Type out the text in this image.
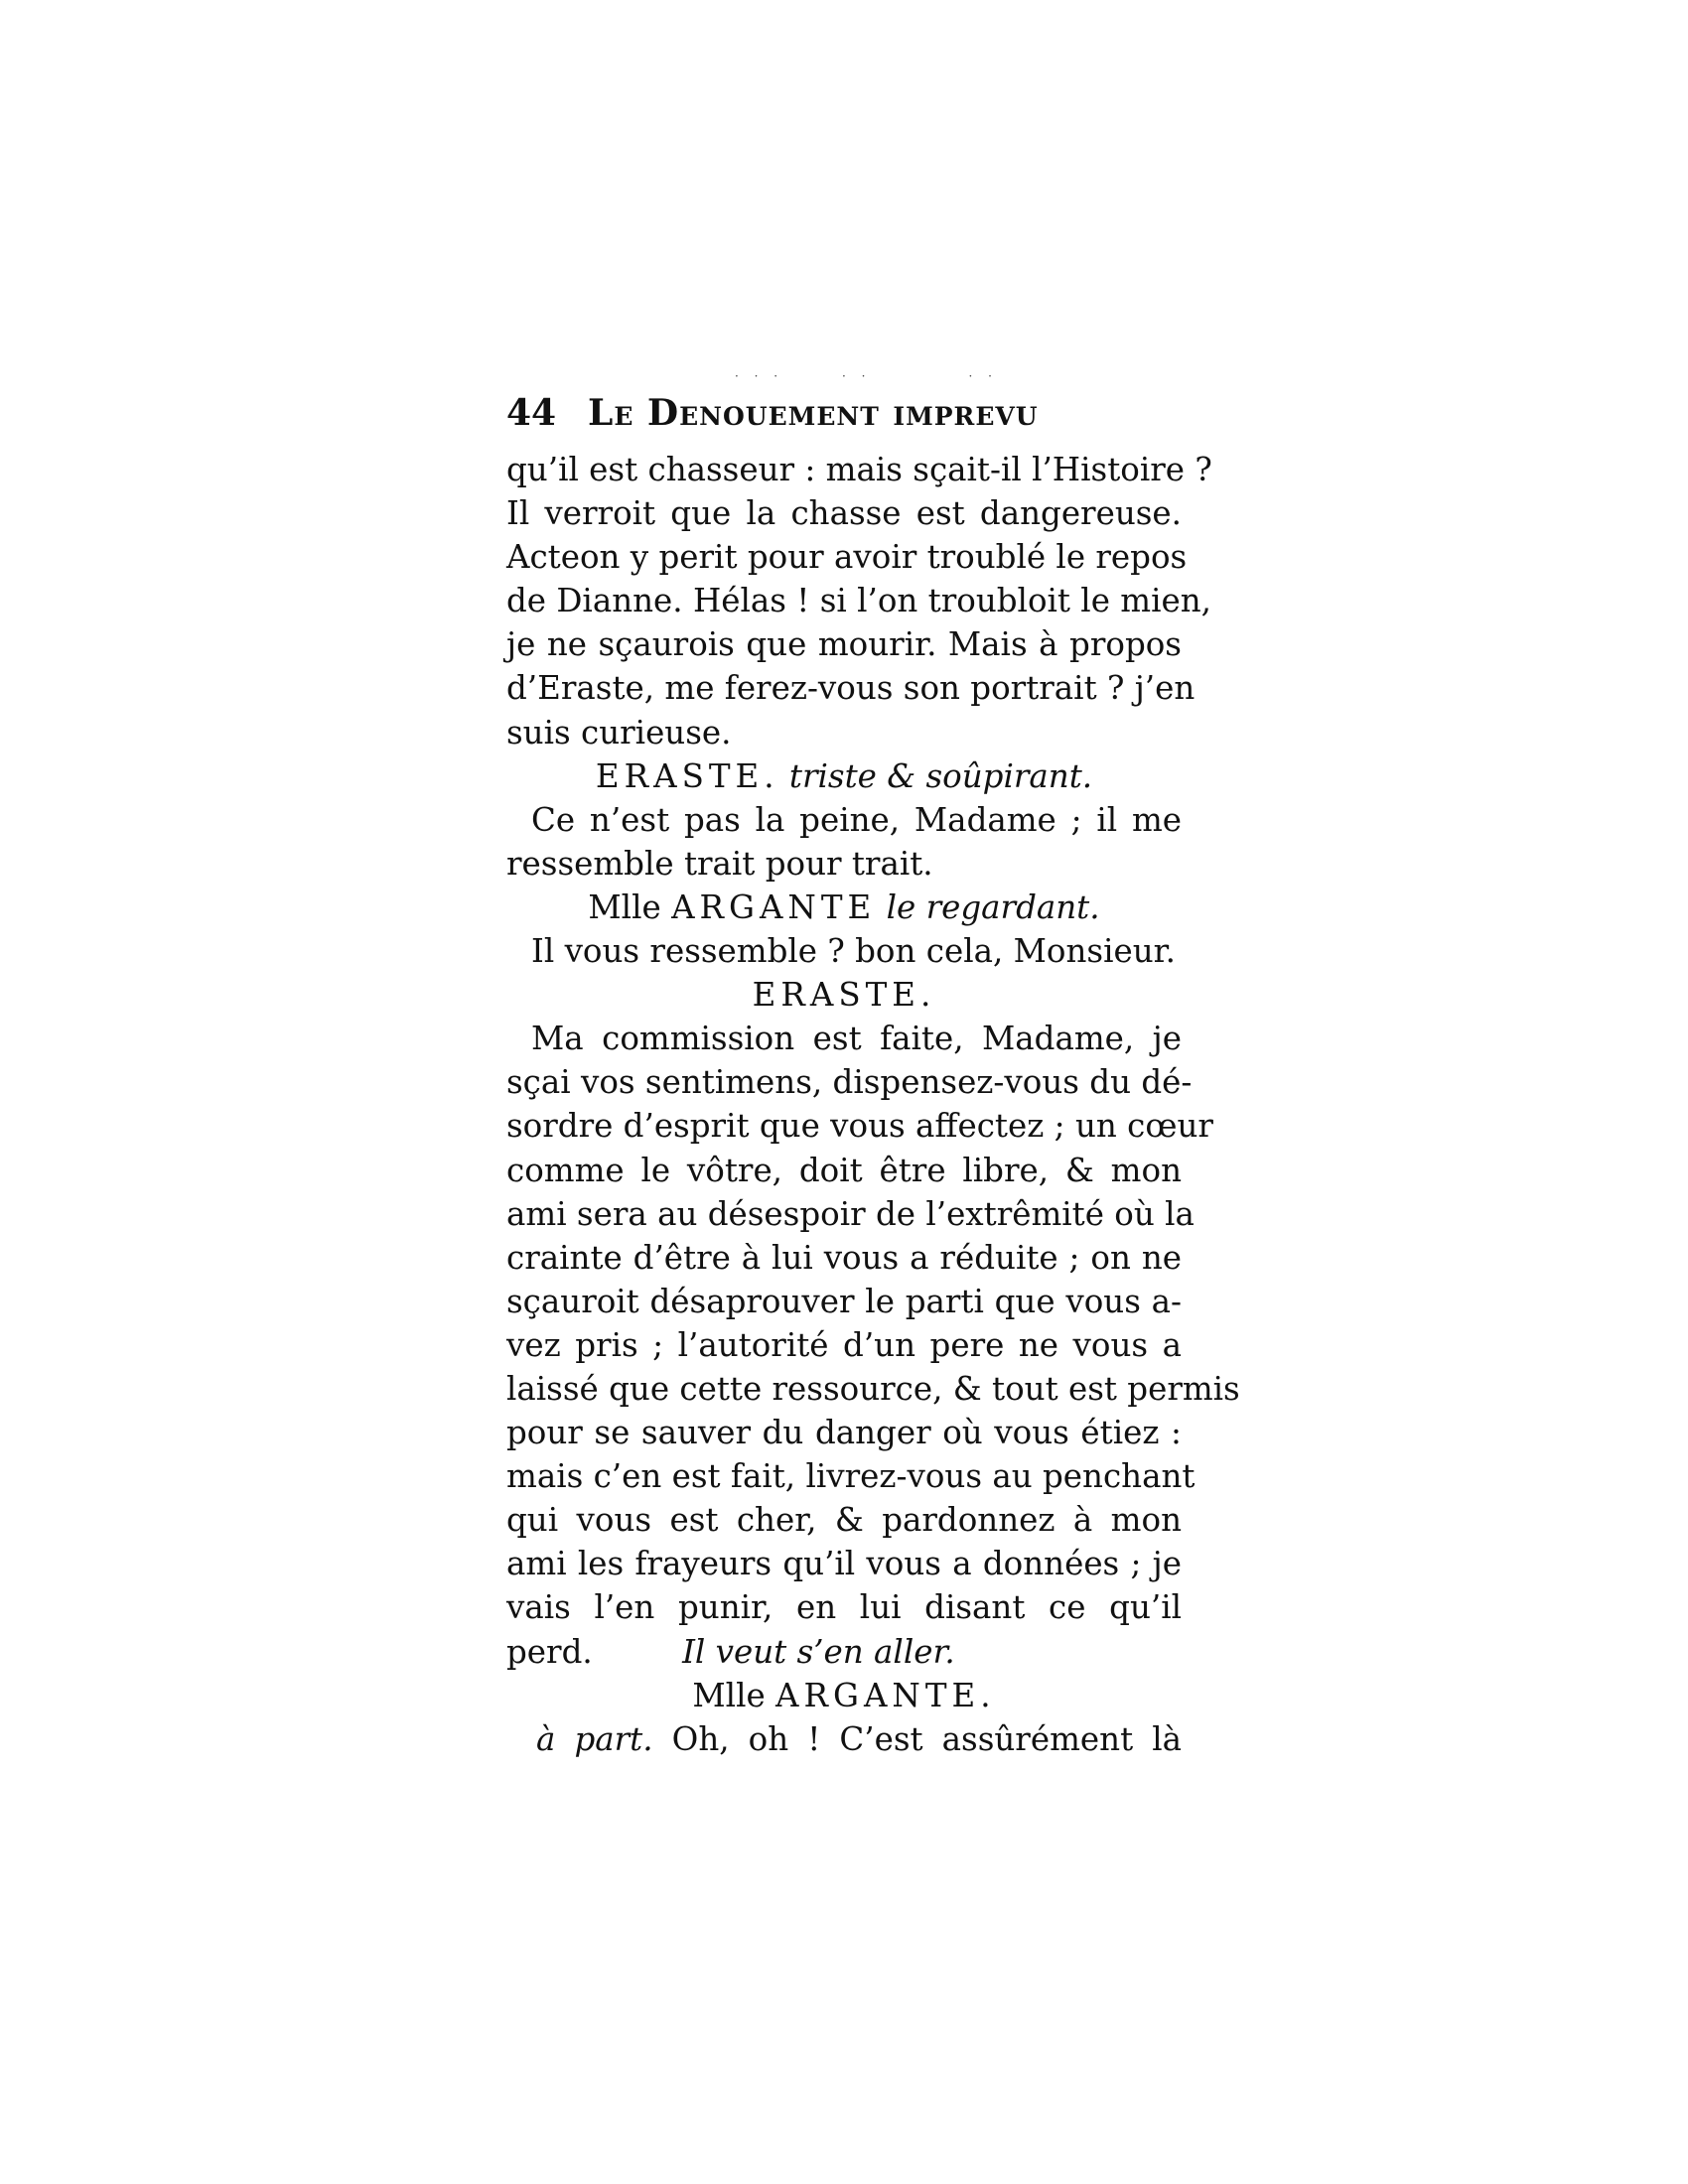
· · ·      · ·          · ·
44 Le Denouement imprevu
qu’il est chasseur : mais sçait-il l’Histoire ?
Il verroit que la chasse est dangereuse.
Acteon y perit pour avoir troublé le repos
de Dianne. Hélas ! si l’on troubloit le mien,
je ne sçaurois que mourir. Mais à propos
d’Eraste, me ferez-vous son portrait ? j’en
suis curieuse.
ERASTE. triste & soûpirant.
Ce n’est pas la peine, Madame ; il me
ressemble trait pour trait.
Mlle ARGANTE le regardant.
Il vous ressemble ? bon cela, Monsieur.
ERASTE.
Ma commission est faite, Madame, je
sçai vos sentimens, dispensez-vous du dé-
sordre d’esprit que vous affectez ; un cœur
comme le vôtre, doit être libre, & mon
ami sera au désespoir de l’extrêmité où la
crainte d’être à lui vous a réduite ; on ne
sçauroit désaprouver le parti que vous a-
vez pris ; l’autorité d’un pere ne vous a
laissé que cette ressource, & tout est permis
pour se sauver du danger où vous étiez :
mais c’en est fait, livrez-vous au penchant
qui vous est cher, & pardonnez à mon
ami les frayeurs qu’il vous a données ; je
vais l’en punir, en lui disant ce qu’il
perd.	Il veut s’en aller.
Mlle ARGANTE.
à part. Oh, oh ! C’est assûrément là
